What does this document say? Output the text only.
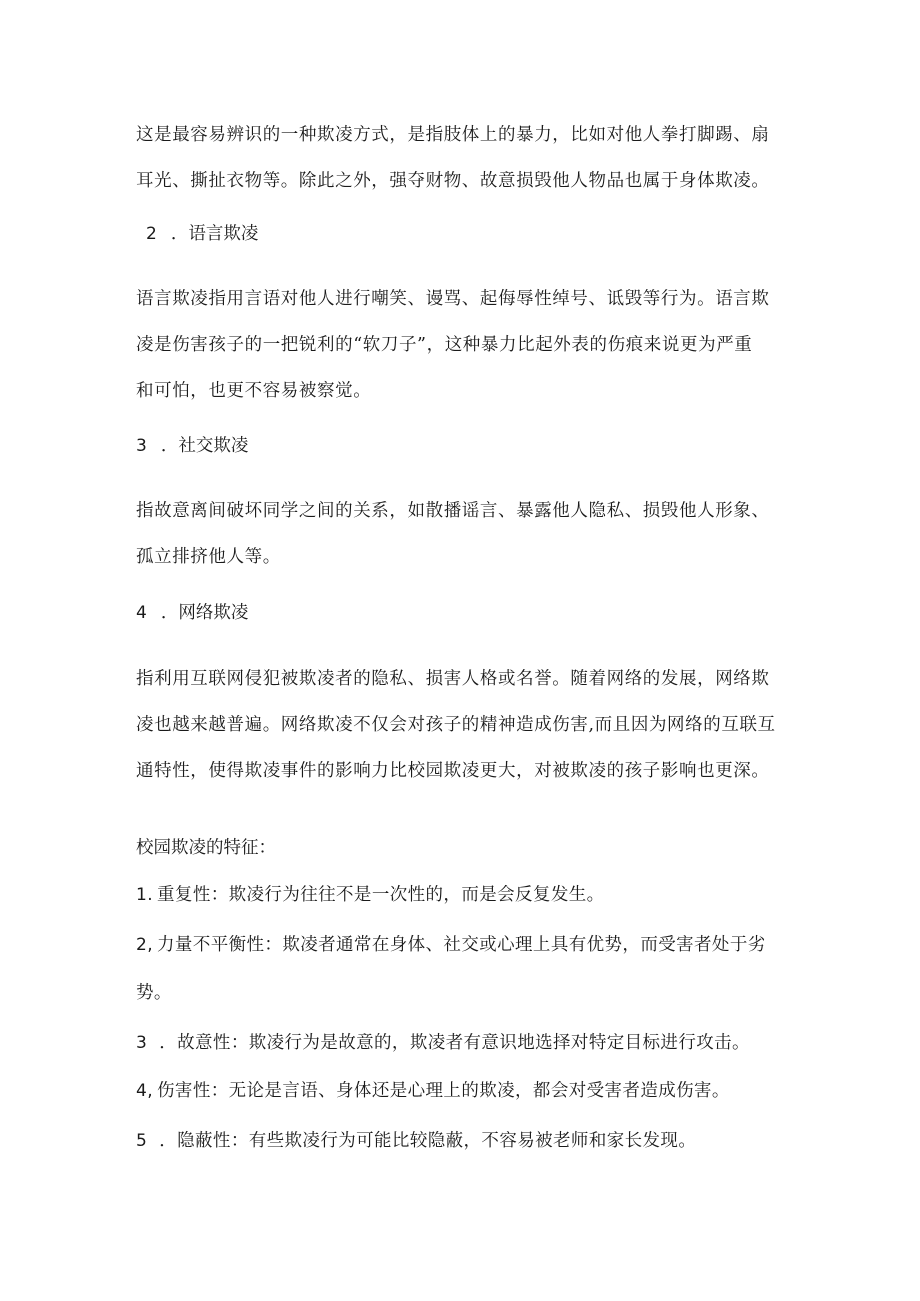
这是最容易辨识的一种欺凌方式，是指肢体上的暴力，比如对他人拳打脚踢、扇
耳光、撕扯衣物等。除此之外，强夺财物、故意损毁他人物品也属于身体欺凌。
2 ．语言欺凌
语言欺凌指用言语对他人进行嘲笑、谩骂、起侮辱性绰号、诋毁等行为。语言欺
凌是伤害孩子的一把锐利的“软刀子”，这种暴力比起外表的伤痕来说更为严重
和可怕，也更不容易被察觉。
3 ．社交欺凌
指故意离间破坏同学之间的关系，如散播谣言、暴露他人隐私、损毁他人形象、
孤立排挤他人等。
4 ．网络欺凌
指利用互联网侵犯被欺凌者的隐私、损害人格或名誉。随着网络的发展，网络欺
凌也越来越普遍。网络欺凌不仅会对孩子的精神造成伤害,而且因为网络的互联互
通特性，使得欺凌事件的影响力比校园欺凌更大，对被欺凌的孩子影响也更深。
校园欺凌的特征：
1. 重复性：欺凌行为往往不是一次性的，而是会反复发生。
2, 力量不平衡性：欺凌者通常在身体、社交或心理上具有优势，而受害者处于劣
势。
3 ．故意性：欺凌行为是故意的，欺凌者有意识地选择对特定目标进行攻击。
4, 伤害性：无论是言语、身体还是心理上的欺凌，都会对受害者造成伤害。
5 ．隐蔽性：有些欺凌行为可能比较隐蔽，不容易被老师和家长发现。
